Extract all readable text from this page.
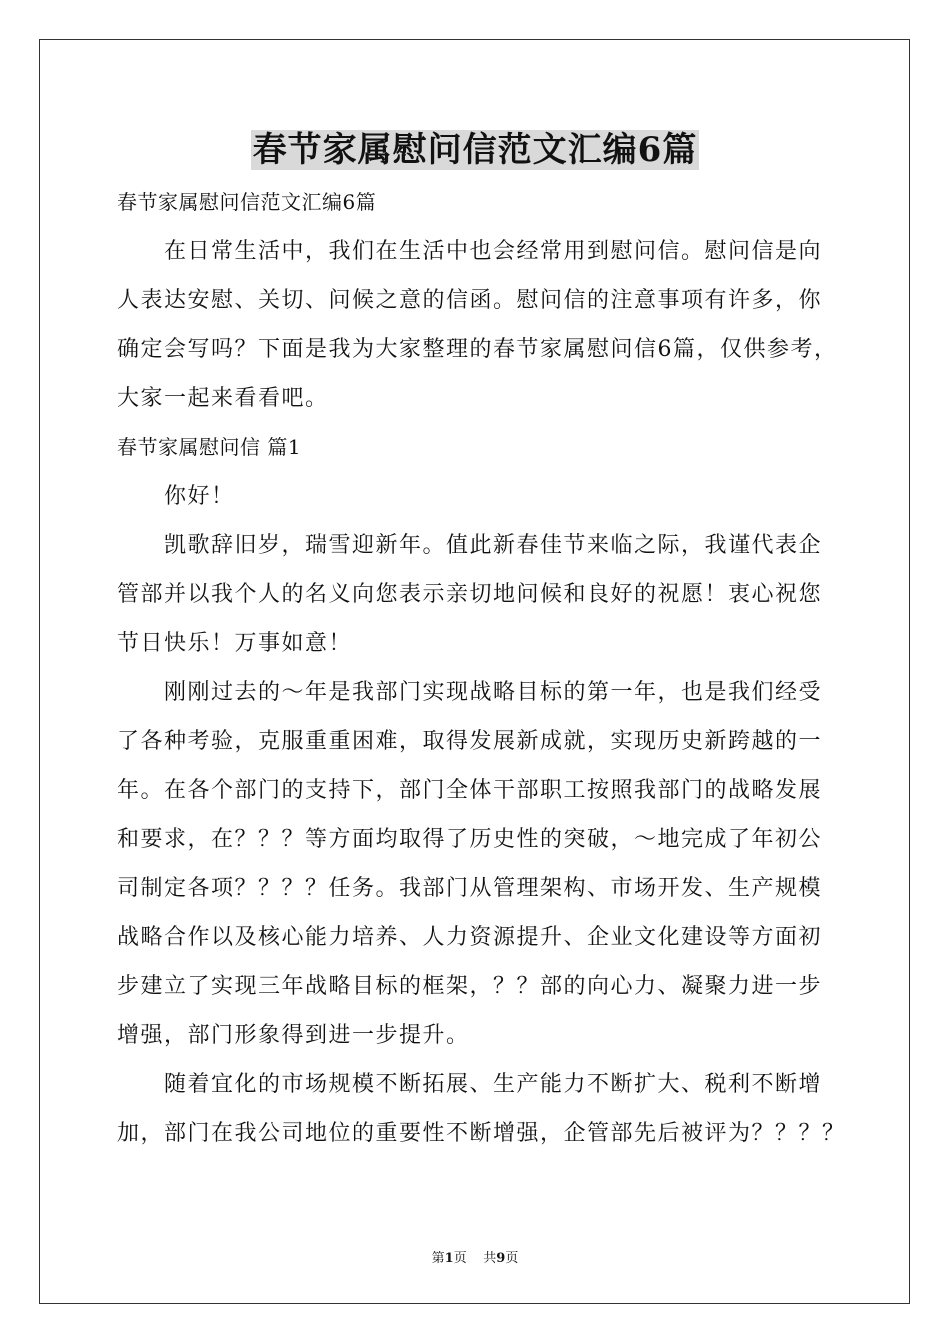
春节家属慰问信范文汇编6篇
春节家属慰问信范文汇编6篇
在日常生活中，我们在生活中也会经常用到慰问信。慰问信是向
人表达安慰、关切、问候之意的信函。慰问信的注意事项有许多，你
确定会写吗？下面是我为大家整理的春节家属慰问信6篇，仅供参考，
大家一起来看看吧。
春节家属慰问信 篇1
你好！
凯歌辞旧岁，瑞雪迎新年。值此新春佳节来临之际，我谨代表企
管部并以我个人的名义向您表示亲切地问候和良好的祝愿！衷心祝您
节日快乐！万事如意！
刚刚过去的～年是我部门实现战略目标的第一年，也是我们经受
了各种考验，克服重重困难，取得发展新成就，实现历史新跨越的一
年。在各个部门的支持下，部门全体干部职工按照我部门的战略发展
和要求，在？？？等方面均取得了历史性的突破，～地完成了年初公
司制定各项？？？？任务。我部门从管理架构、市场开发、生产规模
战略合作以及核心能力培养、人力资源提升、企业文化建设等方面初
步建立了实现三年战略目标的框架，？？部的向心力、凝聚力进一步
增强，部门形象得到进一步提升。
随着宜化的市场规模不断拓展、生产能力不断扩大、税利不断增
加，部门在我公司地位的重要性不断增强，企管部先后被评为？？？？
第1页 共9页
